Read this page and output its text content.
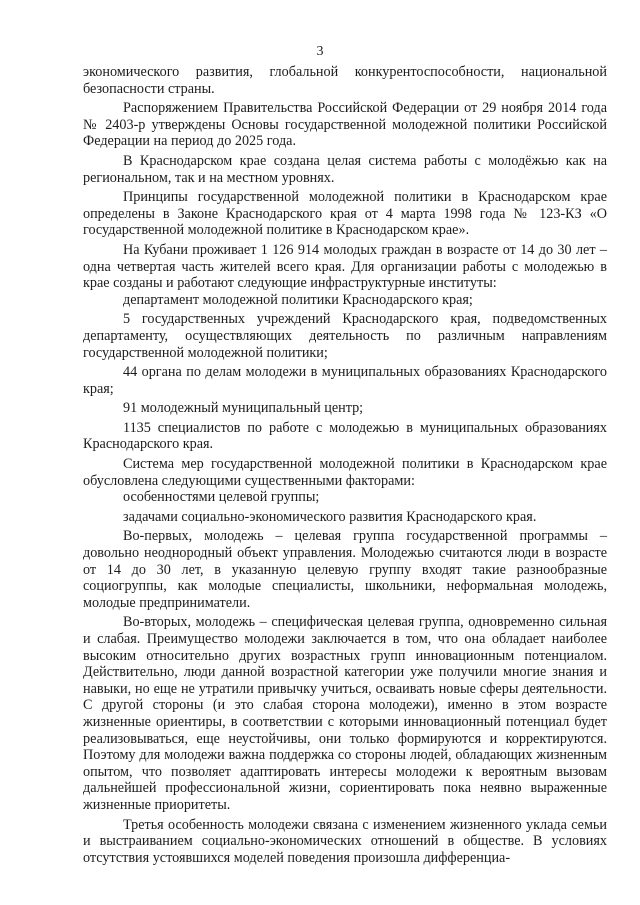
3

экономического развития, глобальной конкурентоспособности, национальной безопасности страны.

Распоряжением Правительства Российской Федерации от 29 ноября 2014 года № 2403-р утверждены Основы государственной молодежной политики Российской Федерации на период до 2025 года.

В Краснодарском крае создана целая система работы с молодёжью как на региональном, так и на местном уровнях.

Принципы государственной молодежной политики в Краснодарском крае определены в Законе Краснодарского края от 4 марта 1998 года № 123-КЗ «О государственной молодежной политике в Краснодарском крае».

На Кубани проживает 1 126 914 молодых граждан в возрасте от 14 до 30 лет – одна четвертая часть жителей всего края. Для организации работы с молодежью в крае созданы и работают следующие инфраструктурные институты:

департамент молодежной политики Краснодарского края;

5 государственных учреждений Краснодарского края, подведомственных департаменту, осуществляющих деятельность по различным направлениям государственной молодежной политики;

44 органа по делам молодежи в муниципальных образованиях Краснодарского края;

91 молодежный муниципальный центр;

1135 специалистов по работе с молодежью в муниципальных образованиях Краснодарского края.

Система мер государственной молодежной политики в Краснодарском крае обусловлена следующими существенными факторами:

особенностями целевой группы;

задачами социально-экономического развития Краснодарского края.

Во-первых, молодежь – целевая группа государственной программы – довольно неоднородный объект управления. Молодежью считаются люди в возрасте от 14 до 30 лет, в указанную целевую группу входят такие разнообразные социогруппы, как молодые специалисты, школьники, неформальная молодежь, молодые предприниматели.

Во-вторых, молодежь – специфическая целевая группа, одновременно сильная и слабая. Преимущество молодежи заключается в том, что она обладает наиболее высоким относительно других возрастных групп инновационным потенциалом. Действительно, люди данной возрастной категории уже получили многие знания и навыки, но еще не утратили привычку учиться, осваивать новые сферы деятельности. С другой стороны (и это слабая сторона молодежи), именно в этом возрасте жизненные ориентиры, в соответствии с которыми инновационный потенциал будет реализовываться, еще неустойчивы, они только формируются и корректируются. Поэтому для молодежи важна поддержка со стороны людей, обладающих жизненным опытом, что позволяет адаптировать интересы молодежи к вероятным вызовам дальнейшей профессиональной жизни, сориентировать пока неявно выраженные жизненные приоритеты.

Третья особенность молодежи связана с изменением жизненного уклада семьи и выстраиванием социально-экономических отношений в обществе. В условиях отсутствия устоявшихся моделей поведения произошла дифференциа-
